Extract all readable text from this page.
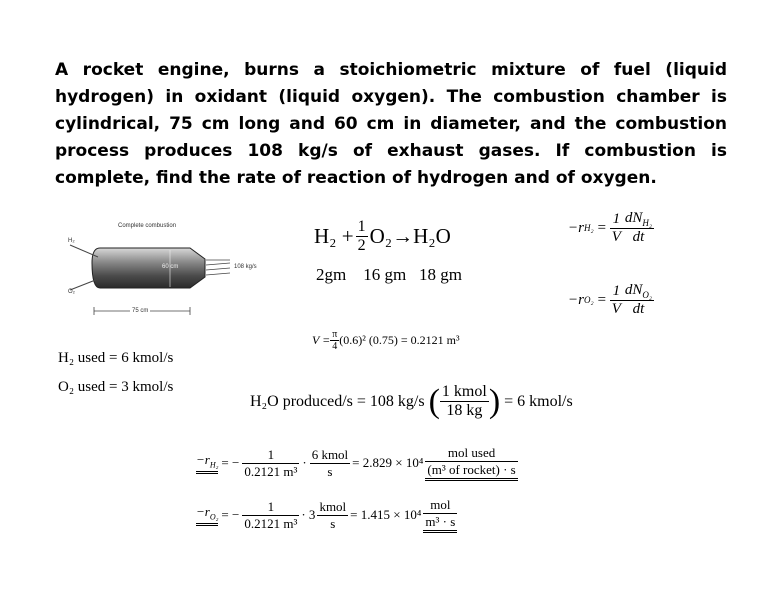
A rocket engine, burns a stoichiometric mixture of fuel (liquid hydrogen) in oxidant (liquid oxygen). The combustion chamber is cylindrical, 75 cm long and 60 cm in diameter, and the combustion process produces 108 kg/s of exhaust gases. If combustion is complete, find the rate of reaction of hydrogen and of oxygen.
Complete combustion
H₂
O₂
60 cm	108 kg/s
75 cm
$H_2 + \frac{1}{2} O_2 \to H_2O$
2gm    16 gm   18 gm
−r $H_2 = \frac{1}{V} \frac{dN_{H_2}}{dt}$
−r $O_2 = \frac{1}{V} \frac{dN_{O_2}}{dt}$
$V = \frac{\pi}{4} (0.6)^2$ (0.75) = 0.2121 m³
H₂ used = 6 kmol/s
O₂ used = 3 kmol/s
H₂O produced/s = 108 kg/s ( $\frac{\text{1 kmol}}{18 kg}$ ) = 6 kmol/s
$-r_{H_2}$ = − $\frac{1}{\text{0.2121 m³}} \cdot \frac{\text{6 kmol}}{s} = 2.829 \times 10^4 \frac{\text{mol used}}{\text{(m³ of rocket) · s}}$
$-r_{O_2}$ = − $\frac{1}{\text{0.2121 m³}} \cdot 3 \frac{\text{kmol}}{s} = 1.415 \times 10^4 \frac{\text{mol}}{\text{m³ · s}}$
